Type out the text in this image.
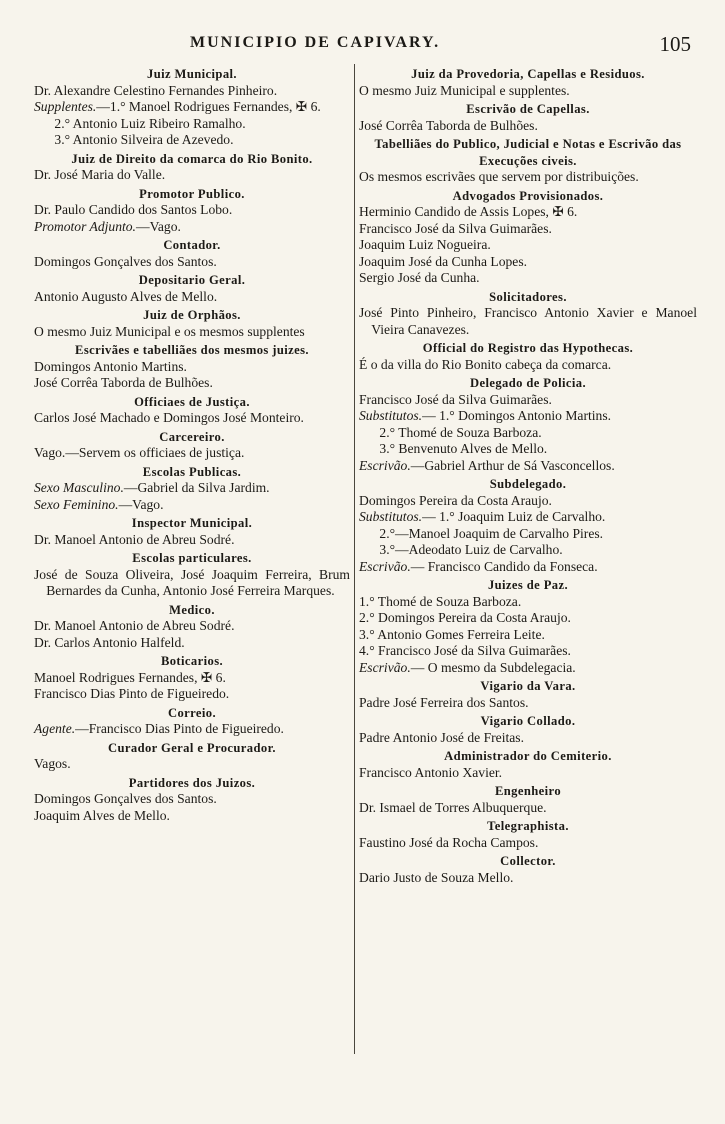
MUNICIPIO DE CAPIVARY.	105
Juiz Municipal.
Dr. Alexandre Celestino Fernandes Pinheiro.
Supplentes.—1.° Manoel Rodrigues Fernandes, ✠ 6.
2.° Antonio Luiz Ribeiro Ramalho.
3.° Antonio Silveira de Azevedo.
Juiz de Direito da comarca do Rio Bonito.
Dr. José Maria do Valle.
Promotor Publico.
Dr. Paulo Candido dos Santos Lobo.
Promotor Adjunto.—Vago.
Contador.
Domingos Gonçalves dos Santos.
Depositario Geral.
Antonio Augusto Alves de Mello.
Juiz de Orphãos.
O mesmo Juiz Municipal e os mesmos supplentes
Escrivães e tabelliães dos mesmos juizes.
Domingos Antonio Martins.
José Corrêa Taborda de Bulhões.
Officiaes de Justiça.
Carlos José Machado e Domingos José Monteiro.
Carcereiro.
Vago.—Servem os officiaes de justiça.
Escolas Publicas.
Sexo Masculino.—Gabriel da Silva Jardim.
Sexo Feminino.—Vago.
Inspector Municipal.
Dr. Manoel Antonio de Abreu Sodré.
Escolas particulares.
José de Souza Oliveira, José Joaquim Ferreira, Brum Bernardes da Cunha, Antonio José Ferreira Marques.
Medico.
Dr. Manoel Antonio de Abreu Sodré.
Dr. Carlos Antonio Halfeld.
Boticarios.
Manoel Rodrigues Fernandes, ✠ 6.
Francisco Dias Pinto de Figueiredo.
Correio.
Agente.—Francisco Dias Pinto de Figueiredo.
Curador Geral e Procurador.
Vagos.
Partidores dos Juizos.
Domingos Gonçalves dos Santos.
Joaquim Alves de Mello.
Juiz da Provedoria, Capellas e Residuos.
O mesmo Juiz Municipal e supplentes.
Escrivão de Capellas.
José Corrêa Taborda de Bulhões.
Tabelliães do Publico, Judicial e Notas e Escrivão das Execuções civeis.
Os mesmos escrivães que servem por distribuições.
Advogados Provisionados.
Herminio Candido de Assis Lopes, ✠ 6.
Francisco José da Silva Guimarães.
Joaquim Luiz Nogueira.
Joaquim José da Cunha Lopes.
Sergio José da Cunha.
Solicitadores.
José Pinto Pinheiro, Francisco Antonio Xavier e Manoel Vieira Canavezes.
Official do Registro das Hypothecas.
É o da villa do Rio Bonito cabeça da comarca.
Delegado de Policia.
Francisco José da Silva Guimarães.
Substitutos.— 1.° Domingos Antonio Martins.
2.° Thomé de Souza Barboza.
3.° Benvenuto Alves de Mello.
Escrivão.—Gabriel Arthur de Sá Vasconcellos.
Subdelegado.
Domingos Pereira da Costa Araujo.
Substitutos.— 1.° Joaquim Luiz de Carvalho.
2.°—Manoel Joaquim de Carvalho Pires.
3.°—Adeodato Luiz de Carvalho.
Escrivão.— Francisco Candido da Fonseca.
Juizes de Paz.
1.° Thomé de Souza Barboza.
2.° Domingos Pereira da Costa Araujo.
3.° Antonio Gomes Ferreira Leite.
4.° Francisco José da Silva Guimarães.
Escrivão.— O mesmo da Subdelegacia.
Vigario da Vara.
Padre José Ferreira dos Santos.
Vigario Collado.
Padre Antonio José de Freitas.
Administrador do Cemiterio.
Francisco Antonio Xavier.
Engenheiro
Dr. Ismael de Torres Albuquerque.
Telegraphista.
Faustino José da Rocha Campos.
Collector.
Dario Justo de Souza Mello.
